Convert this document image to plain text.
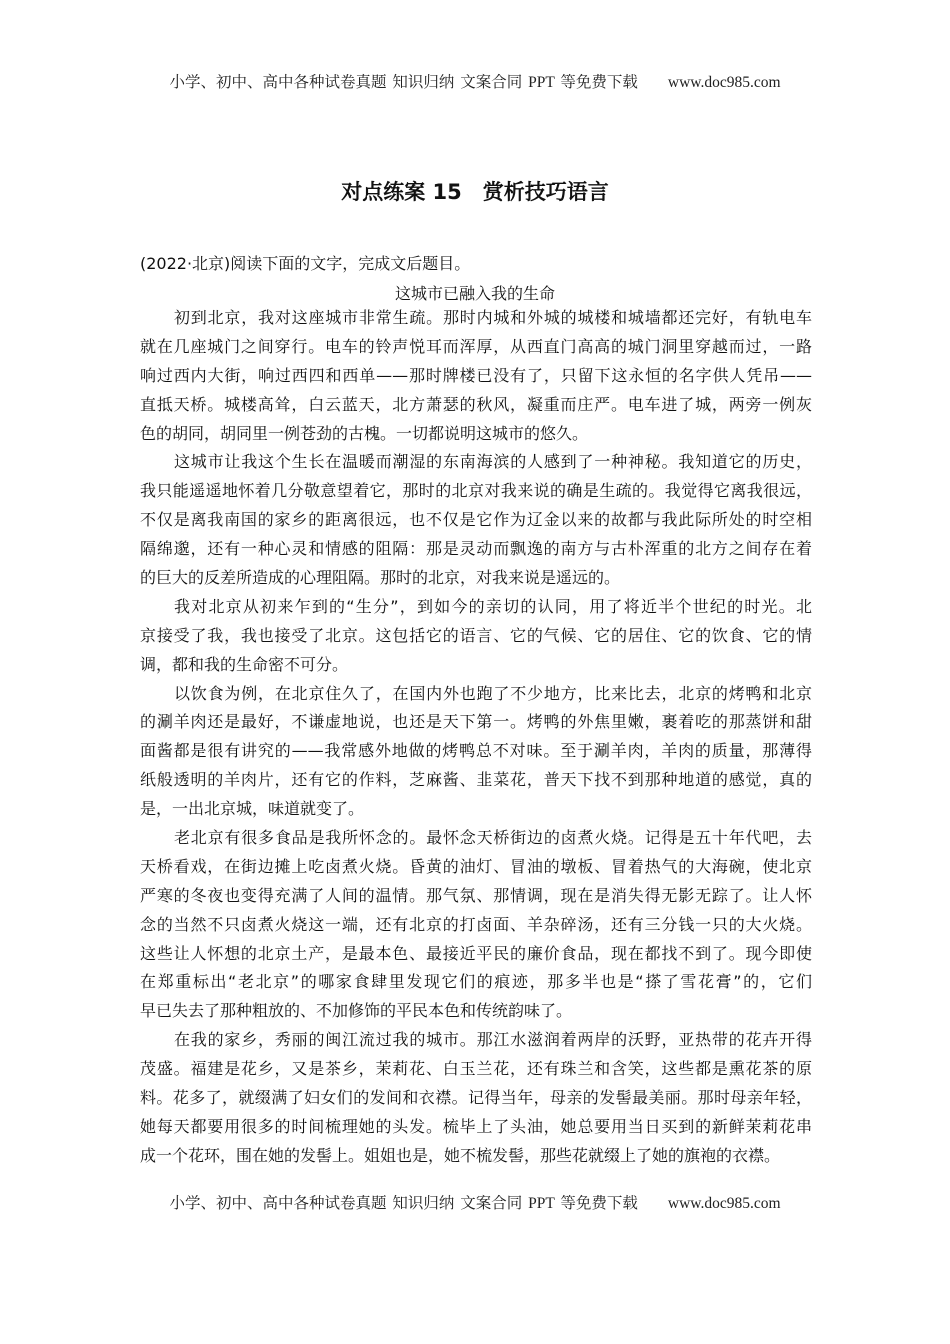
小学、初中、高中各种试卷真题 知识归纳 文案合同 PPT 等免费下载 www.doc985.com
对点练案 15　赏析技巧语言
(2022·北京)阅读下面的文字，完成文后题目。
这城市已融入我的生命
初到北京，我对这座城市非常生疏。那时内城和外城的城楼和城墙都还完好，有轨电车
就在几座城门之间穿行。电车的铃声悦耳而浑厚，从西直门高高的城门洞里穿越而过，一路
响过西内大街，响过西四和西单——那时牌楼已没有了，只留下这永恒的名字供人凭吊——
直抵天桥。城楼高耸，白云蓝天，北方萧瑟的秋风，凝重而庄严。电车进了城，两旁一例灰
色的胡同，胡同里一例苍劲的古槐。一切都说明这城市的悠久。
这城市让我这个生长在温暖而潮湿的东南海滨的人感到了一种神秘。我知道它的历史，
我只能遥遥地怀着几分敬意望着它，那时的北京对我来说的确是生疏的。我觉得它离我很远，
不仅是离我南国的家乡的距离很远，也不仅是它作为辽金以来的故都与我此际所处的时空相
隔绵邈，还有一种心灵和情感的阻隔：那是灵动而飘逸的南方与古朴浑重的北方之间存在着
的巨大的反差所造成的心理阻隔。那时的北京，对我来说是遥远的。
我对北京从初来乍到的“生分”，到如今的亲切的认同，用了将近半个世纪的时光。北
京接受了我，我也接受了北京。这包括它的语言、它的气候、它的居住、它的饮食、它的情
调，都和我的生命密不可分。
以饮食为例，在北京住久了，在国内外也跑了不少地方，比来比去，北京的烤鸭和北京
的涮羊肉还是最好，不谦虚地说，也还是天下第一。烤鸭的外焦里嫩，裹着吃的那蒸饼和甜
面酱都是很有讲究的——我常感外地做的烤鸭总不对味。至于涮羊肉，羊肉的质量，那薄得
纸般透明的羊肉片，还有它的作料，芝麻酱、韭菜花，普天下找不到那种地道的感觉，真的
是，一出北京城，味道就变了。
老北京有很多食品是我所怀念的。最怀念天桥街边的卤煮火烧。记得是五十年代吧，去
天桥看戏，在街边摊上吃卤煮火烧。昏黄的油灯、冒油的墩板、冒着热气的大海碗，使北京
严寒的冬夜也变得充满了人间的温情。那气氛、那情调，现在是消失得无影无踪了。让人怀
念的当然不只卤煮火烧这一端，还有北京的打卤面、羊杂碎汤，还有三分钱一只的大火烧。
这些让人怀想的北京土产，是最本色、最接近平民的廉价食品，现在都找不到了。现今即使
在郑重标出“老北京”的哪家食肆里发现它们的痕迹，那多半也是“搽了雪花膏”的，它们
早已失去了那种粗放的、不加修饰的平民本色和传统韵味了。
在我的家乡，秀丽的闽江流过我的城市。那江水滋润着两岸的沃野，亚热带的花卉开得
茂盛。福建是花乡，又是茶乡，茉莉花、白玉兰花，还有珠兰和含笑，这些都是熏花茶的原
料。花多了，就缀满了妇女们的发间和衣襟。记得当年，母亲的发髻最美丽。那时母亲年轻，
她每天都要用很多的时间梳理她的头发。梳毕上了头油，她总要用当日买到的新鲜茉莉花串
成一个花环，围在她的发髻上。姐姐也是，她不梳发髻，那些花就缀上了她的旗袍的衣襟。
小学、初中、高中各种试卷真题 知识归纳 文案合同 PPT 等免费下载 www.doc985.com
